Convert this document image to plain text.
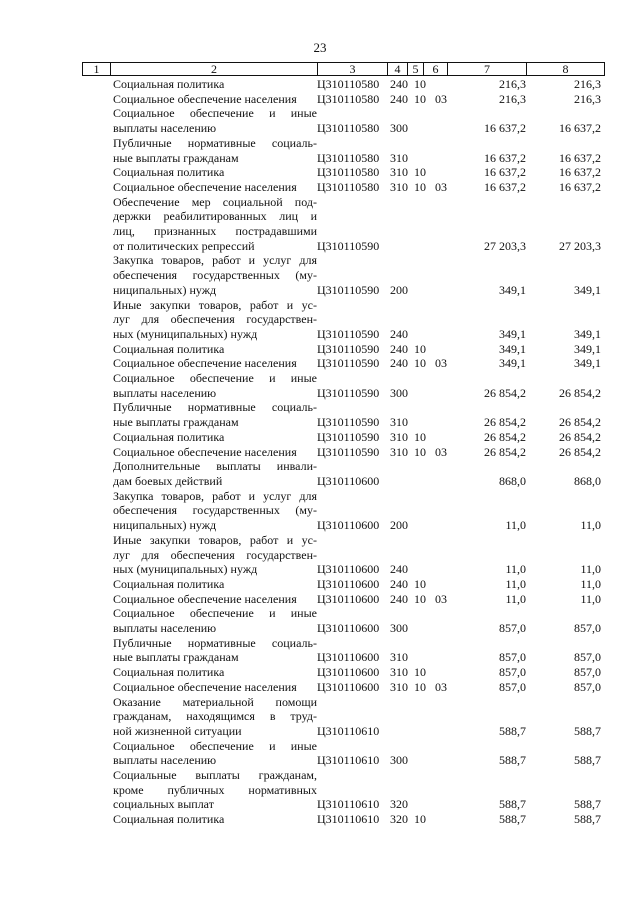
23
1	2	3	4	5	6	7	8
Социальная политика	Ц310110580	240	10		216,3	216,3

Социальное обеспечение населения	Ц310110580	240	10	03	216,3	216,3

Социальное обеспечение и иные
выплаты населению	Ц310110580	300			16 637,2	16 637,2

Публичные нормативные социаль-
ные выплаты гражданам	Ц310110580	310			16 637,2	16 637,2

Социальная политика	Ц310110580	310	10		16 637,2	16 637,2

Социальное обеспечение населения	Ц310110580	310	10	03	16 637,2	16 637,2

Обеспечение мер социальной под-
держки реабилитированных лиц и
лиц, признанных пострадавшими
от политических репрессий	Ц310110590				27 203,3	27 203,3

Закупка товаров, работ и услуг для
обеспечения государственных (му-
ниципальных) нужд	Ц310110590	200			349,1	349,1

Иные закупки товаров, работ и ус-
луг для обеспечения государствен-
ных (муниципальных) нужд	Ц310110590	240			349,1	349,1

Социальная политика	Ц310110590	240	10		349,1	349,1

Социальное обеспечение населения	Ц310110590	240	10	03	349,1	349,1

Социальное обеспечение и иные
выплаты населению	Ц310110590	300			26 854,2	26 854,2

Публичные нормативные социаль-
ные выплаты гражданам	Ц310110590	310			26 854,2	26 854,2

Социальная политика	Ц310110590	310	10		26 854,2	26 854,2

Социальное обеспечение населения	Ц310110590	310	10	03	26 854,2	26 854,2

Дополнительные выплаты инвали-
дам боевых действий	Ц310110600				868,0	868,0

Закупка товаров, работ и услуг для
обеспечения государственных (му-
ниципальных) нужд	Ц310110600	200			11,0	11,0

Иные закупки товаров, работ и ус-
луг для обеспечения государствен-
ных (муниципальных) нужд	Ц310110600	240			11,0	11,0

Социальная политика	Ц310110600	240	10		11,0	11,0

Социальное обеспечение населения	Ц310110600	240	10	03	11,0	11,0

Социальное обеспечение и иные
выплаты населению	Ц310110600	300			857,0	857,0

Публичные нормативные социаль-
ные выплаты гражданам	Ц310110600	310			857,0	857,0

Социальная политика	Ц310110600	310	10		857,0	857,0

Социальное обеспечение населения	Ц310110600	310	10	03	857,0	857,0

Оказание материальной помощи
гражданам, находящимся в труд-
ной жизненной ситуации	Ц310110610				588,7	588,7

Социальное обеспечение и иные
выплаты населению	Ц310110610	300			588,7	588,7

Социальные выплаты гражданам,
кроме публичных нормативных
социальных выплат	Ц310110610	320			588,7	588,7

Социальная политика	Ц310110610	320	10		588,7	588,7
